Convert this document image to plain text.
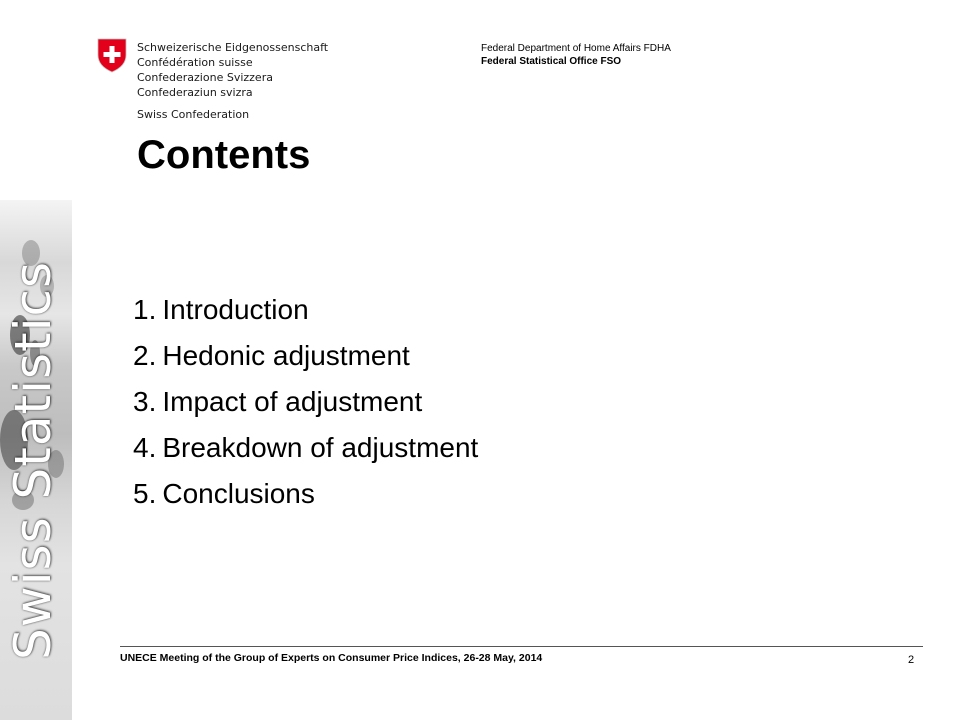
Swiss Statistics
Schweizerische Eidgenossenschaft
Confédération suisse
Confederazione Svizzera
Confederaziun svizra
Swiss Confederation
Federal Department of Home Affairs FDHA
Federal Statistical Office FSO
Contents
1. Introduction
2. Hedonic adjustment
3. Impact of adjustment
4. Breakdown of adjustment
5. Conclusions
UNECE Meeting of the Group of Experts on Consumer Price Indices, 26-28 May, 2014	2
